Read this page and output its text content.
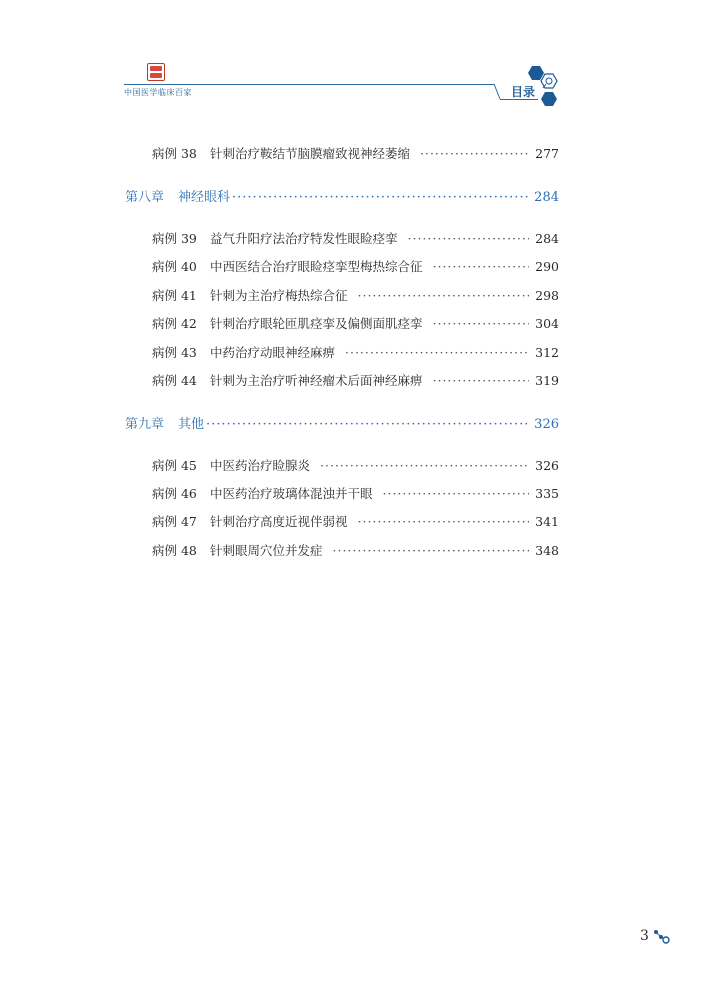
中国医学临床百家	目录
病例 38	针刺治疗鞍结节脑膜瘤致视神经萎缩 ·····	277
第八章 神经眼科 ·····	284
病例 39	益气升阳疗法治疗特发性眼睑痉挛 ·····	284
病例 40	中西医结合治疗眼睑痉挛型梅热综合征 ·····	290
病例 41	针刺为主治疗梅热综合征 ·····	298
病例 42	针刺治疗眼轮匝肌痉挛及偏侧面肌痉挛 ·····	304
病例 43	中药治疗动眼神经麻痹 ·····	312
病例 44	针刺为主治疗听神经瘤术后面神经麻痹 ·····	319
第九章 其他 ·····	326
病例 45	中医药治疗睑腺炎 ·····	326
病例 46	中医药治疗玻璃体混浊并干眼 ·····	335
病例 47	针刺治疗高度近视伴弱视 ·····	341
病例 48	针刺眼周穴位并发症 ·····	348
3
